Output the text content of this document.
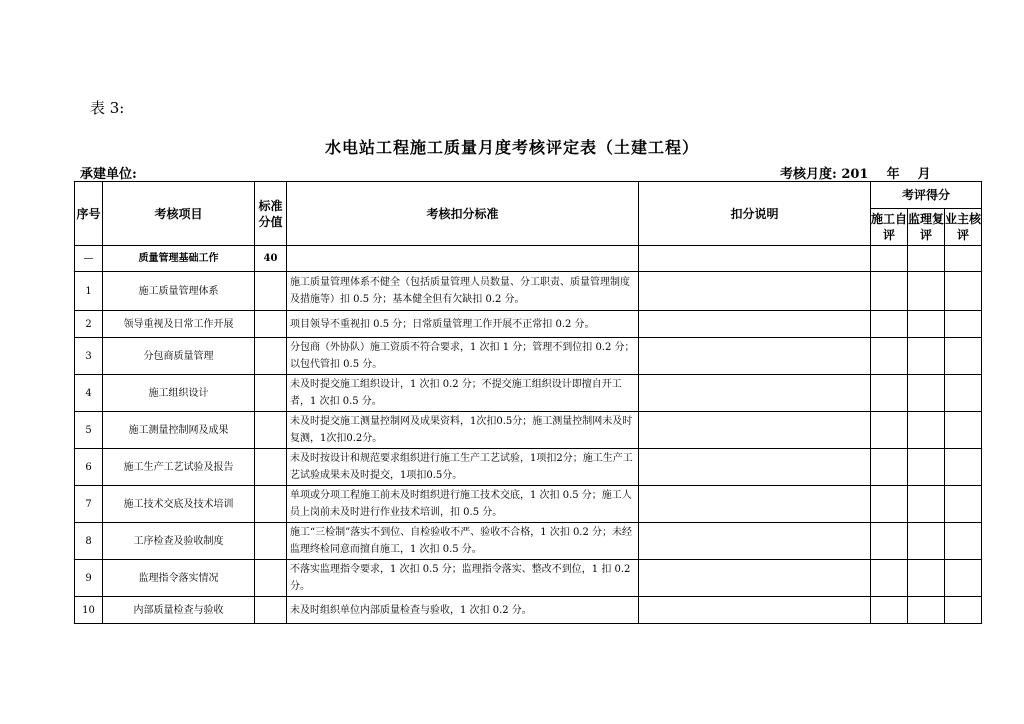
表 3:
水电站工程施工质量月度考核评定表（土建工程）
承建单位:	考核月度: 201    年    月
序号	考核项目	标准分值	考核扣分标准	扣分说明	考评得分		
					施工自评	监理复评	业主核评
—	质量管理基础工作	40					
1	施工质量管理体系		施工质量管理体系不健全（包括质量管理人员数量、分工职责、质量管理制度及措施等）扣 0.5 分；基本健全但有欠缺扣 0.2 分。				
2	领导重视及日常工作开展		项目领导不重视扣 0.5 分；日常质量管理工作开展不正常扣 0.2 分。				
3	分包商质量管理		分包商（外协队）施工资质不符合要求，1 次扣 1 分；管理不到位扣 0.2 分；以包代管扣 0.5 分。				
4	施工组织设计		未及时提交施工组织设计，1 次扣 0.2 分；不提交施工组织设计即擅自开工者，1 次扣 0.5 分。				
5	施工测量控制网及成果		未及时提交施工测量控制网及成果资料，1次扣0.5分；施工测量控制网未及时复测，1次扣0.2分。				
6	施工生产工艺试验及报告		未及时按设计和规范要求组织进行施工生产工艺试验，1项扣2分；施工生产工艺试验成果未及时提交，1项扣0.5分。				
7	施工技术交底及技术培训		单项或分项工程施工前未及时组织进行施工技术交底，1 次扣 0.5 分；施工人员上岗前未及时进行作业技术培训，扣 0.5 分。				
8	工序检查及验收制度		施工“三检制”落实不到位、自检验收不严、验收不合格，1 次扣 0.2 分；未经监理终检同意而擅自施工，1 次扣 0.5 分。				
9	监理指令落实情况		不落实监理指令要求，1 次扣 0.5 分；监理指令落实、整改不到位，1 扣 0.2 分。				
10	内部质量检查与验收		未及时组织单位内部质量检查与验收，1 次扣 0.2 分。				
